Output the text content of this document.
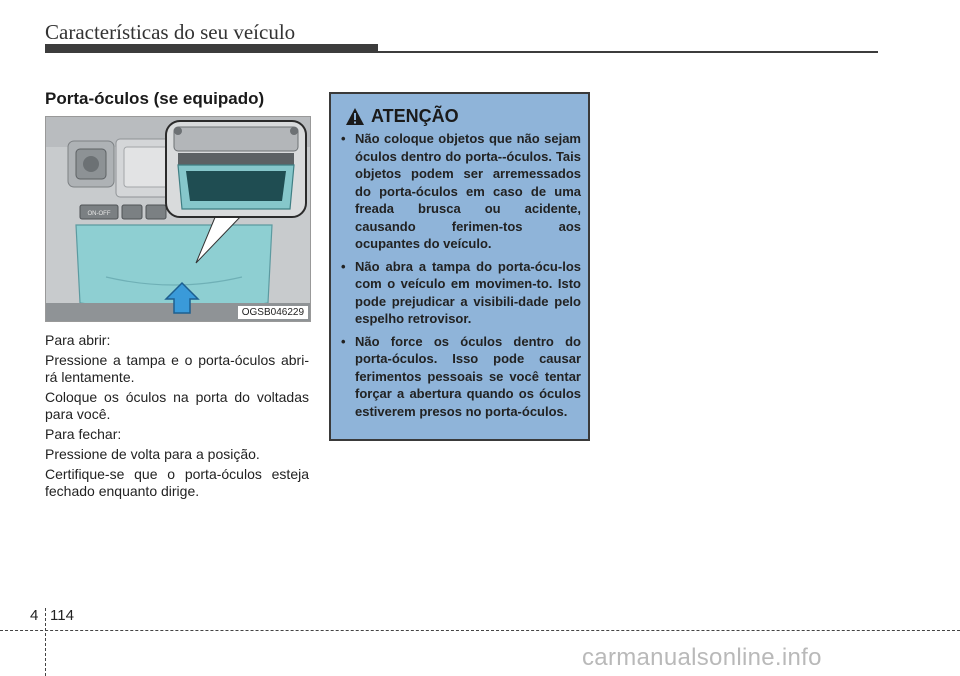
Características do seu veículo
Porta-óculos (se equipado)
ON-OFF
OGSB046229

Para abrir:

Pressione a tampa e o porta-óculos abri-rá lentamente.

Coloque os óculos na porta do voltadas para você.

Para fechar:

Pressione de volta para a posição.

Certifique-se que o porta-óculos esteja fechado enquanto dirige.

ATENÇÃO
• Não coloque objetos que não sejam óculos dentro do porta--óculos. Tais objetos podem ser arremessados do porta-óculos em caso de uma freada brusca ou acidente, causando ferimen-tos aos ocupantes do veículo.
• Não abra a tampa do porta-ócu-los com o veículo em movimen-to. Isto pode prejudicar a visibili-dade pelo espelho retrovisor.
• Não force os óculos dentro do porta-óculos. Isso pode causar ferimentos pessoais se você tentar forçar a abertura quando os óculos estiverem presos no porta-óculos.
4 114
carmanualsonline.info
